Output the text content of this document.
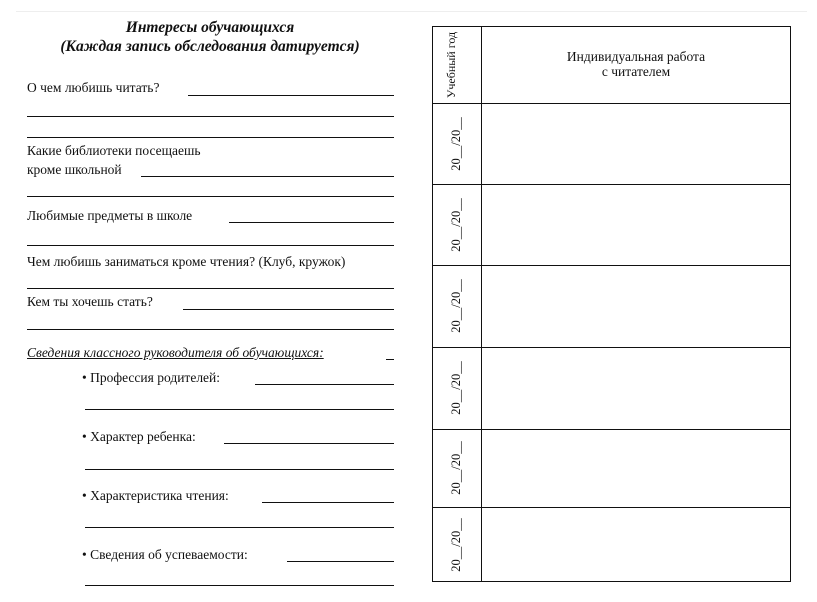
Интересы обучающихся
(Каждая запись обследования датируется)
О чем любишь читать?
Какие библиотеки посещаешь
кроме школьной
Любимые предметы в школе
Чем любишь заниматься кроме чтения? (Клуб, кружок)
Кем ты хочешь стать?
Сведения классного руководителя об обучающихся:
• Профессия родителей:
• Характер ребенка:
• Характеристика чтения:
• Сведения об успеваемости:
Учебный год	Индивидуальная работа
с читателем
20__/20__
20__/20__
20__/20__
20__/20__
20__/20__
20__/20__
